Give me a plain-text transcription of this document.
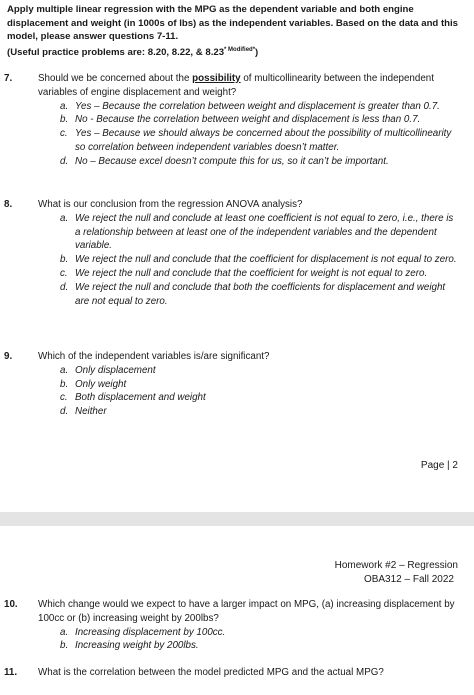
Apply multiple linear regression with the MPG as the dependent variable and both engine displacement and weight (in 1000s of lbs) as the independent variables. Based on the data and this model, please answer questions 7-11.
(Useful practice problems are: 8.20, 8.22, & $8.23^{* Modified*}$)
7.	Should we be concerned about the possibility of multicollinearity between the independent variables of engine displacement and weight?
a. Yes – Because the correlation between weight and displacement is greater than 0.7.
b. No - Because the correlation between weight and displacement is less than 0.7.
c. Yes – Because we should always be concerned about the possibility of multicollinearity so correlation between independent variables doesn’t matter.
d. No – Because excel doesn’t compute this for us, so it can’t be important.
8.	What is our conclusion from the regression ANOVA analysis?
a. We reject the null and conclude at least one coefficient is not equal to zero, i.e., there is a relationship between at least one of the independent variables and the dependent variable.
b. We reject the null and conclude that the coefficient for displacement is not equal to zero.
c. We reject the null and conclude that the coefficient for weight is not equal to zero.
d. We reject the null and conclude that both the coefficients for displacement and weight are not equal to zero.
9.	Which of the independent variables is/are significant?
a. Only displacement
b. Only weight
c. Both displacement and weight
d. Neither
Page | 2
Homework #2 – Regression
OBA312 – Fall 2022
10. Which change would we expect to have a larger impact on MPG, (a) increasing displacement by 100cc or (b) increasing weight by 200lbs?
a. Increasing displacement by 100cc.
b. Increasing weight by 200lbs.
11. What is the correlation between the model predicted MPG and the actual MPG?
